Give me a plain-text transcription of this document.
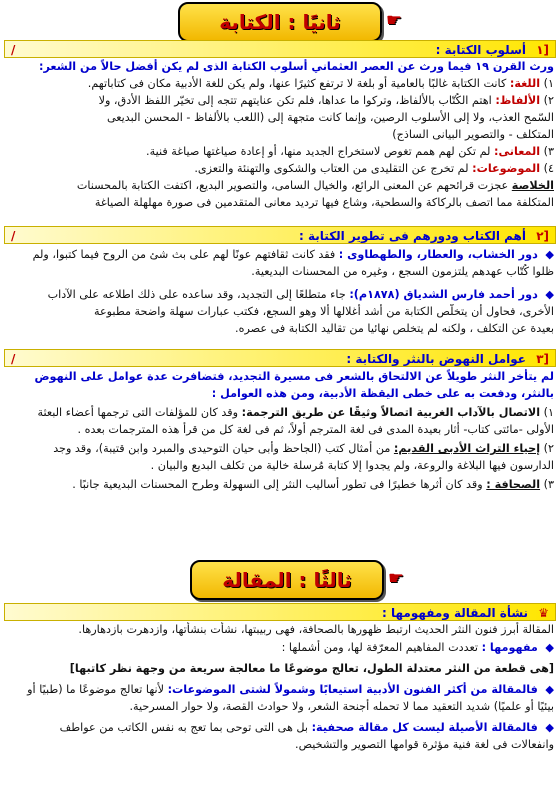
ثانيًا : الكتابة	☛
[١ أسلوب الكتابة :
/
ورث القرن ١٩ فيما ورث عن العصر العثماني أسلوب الكتابة الذى لم يكن أفضل حالاً من الشعر:
١) اللغة: كانت الكتابة غالبًا بالعامية أو بلغة لا ترتفع كثيرًا عنها، ولم يكن للغة الأدبية مكان فى كتاباتهم.
٢) الألفاظ: اهتم الكُتّاب بالألفاظ، وتركوا ما عداها، فلم تكن عنايتهم تتجه إلى تخيّر اللفظ الأدق، ولا
السّمح العذب، ولا إلى الأسلوب الرصين، وإنما كانت متجهة إلى (اللعب بالألفاظ - المحسن البديعى
المتكلف - والتصوير البيانى الساذج)
٣) المعانى: لم تكن لهم همم تغوص لاستخراج الجديد منها، أو إعادة صياغتها صياغة فنية.
٤) الموضوعات: لم تخرج عن التقليدى من العتاب والشكوى والتهنئة والتعزى.
الخلاصة عجزت قرائحهم عن المعنى الرائع، والخيال السامى، والتصوير البديع، اكتفت الكتابة بالمحسنات
المتكلفة مما اتصف بالركاكة والسطحية، وشاع فيها ترديد معانى المتقدمين فى صورة مهلهلة الصياغة
[٢ أهم الكتاب ودورهم فى تطوير الكتابة :
/
◆ دور الخشاب، والعطار، والطهطاوى : فقد كانت ثقافتهم عونًا لهم على بث شئ من الروح فيما كتبوا، ولم
ظلوا كُتّاب عهدهم يلتزمون السجع ، وغيره من المحسنات البديعية.
◆ دور أحمد فارس الشدياق (١٨٧٨م): جاء متطلعًا إلى التجديد، وقد ساعده على ذلك اطلاعه على الآداب
الأخرى، فحاول أن يتخلّص الكتابة من أشد أغلالها ألا وهو السجع، فكتب عبارات سهلة واضحة مطبوعة
بعيدة عن التكلف ، ولكنه لم يتخلص نهائيا من تقاليد الكتابة فى عصره.
[٣ عوامل النهوض بالنثر والكتابة :
/
لم يتأخر النثر طويلاً عن الالتحاق بالشعر فى مسيرة التجديد، فتضافرت عدة عوامل على النهوض
بالنثر، ودفعت به على خطى اليقظة الأدبية، ومن هذه العوامل :
١) الاتصال بالآداب الغربية اتصالاً وثيقًا عن طريق الترجمة: وقد كان للمؤلفات التى ترجمها أعضاء البعثة
الأولى -مائتى كتاب- أثار بعيدة المدى فى لغة المترجم أولاً، ثم فى لغة كل من قرأ هذه المترجمات بعده .
٢) إحياء التراث الأدبى القديم: من أمثال كتب (الجاحظ وأبى حيان التوحيدى والمبرد وابن قتيبة)، وقد وجد
الدارسون فيها البلاغة والروعة، ولم يجدوا إلا كتابة مُرسلة خالية من تكلف البديع والبيان .
٣) الصحافة : وقد كان أثرها خطيرًا فى تطور أساليب النثر إلى السهولة وطرح المحسنات البديعية جانبًا .
ثالثًا : المقالة ☛
♛ نشأة المقالة ومفهومها :
المقالة أبرز فنون النثر الحديث ارتبط ظهورها بالصحافة، فهى ربيبتها، نشأت بنشأتها، وازدهرت بازدهارها.
◆ مفهومها : تعددت المفاهيم المعرّفة لها، ومن أشملها :
[هى قطعة من النثر معتدلة الطول، تعالج موضوعًا ما معالجة سريعة من وجهة نظر كاتبها]
◆ فالمقالة من أكثر الفنون الأدبية استيعابًا وشمولاً لشتى الموضوعات: لأنها تعالج موضوعًا ما (طبيًا أو
بيئيًا أو علميًا) شديد التعقيد مما لا تحمله أجنحة الشعر، ولا حوادث القصة، ولا حوار المسرحية.
◆ فالمقالة الأصيلة ليست كل مقالة صحفية: بل هى التى توحى بما تعج به نفس الكاتب من عواطف
وانفعالات فى لغة فنية مؤثرة قوامها التصوير والتشخيص.
